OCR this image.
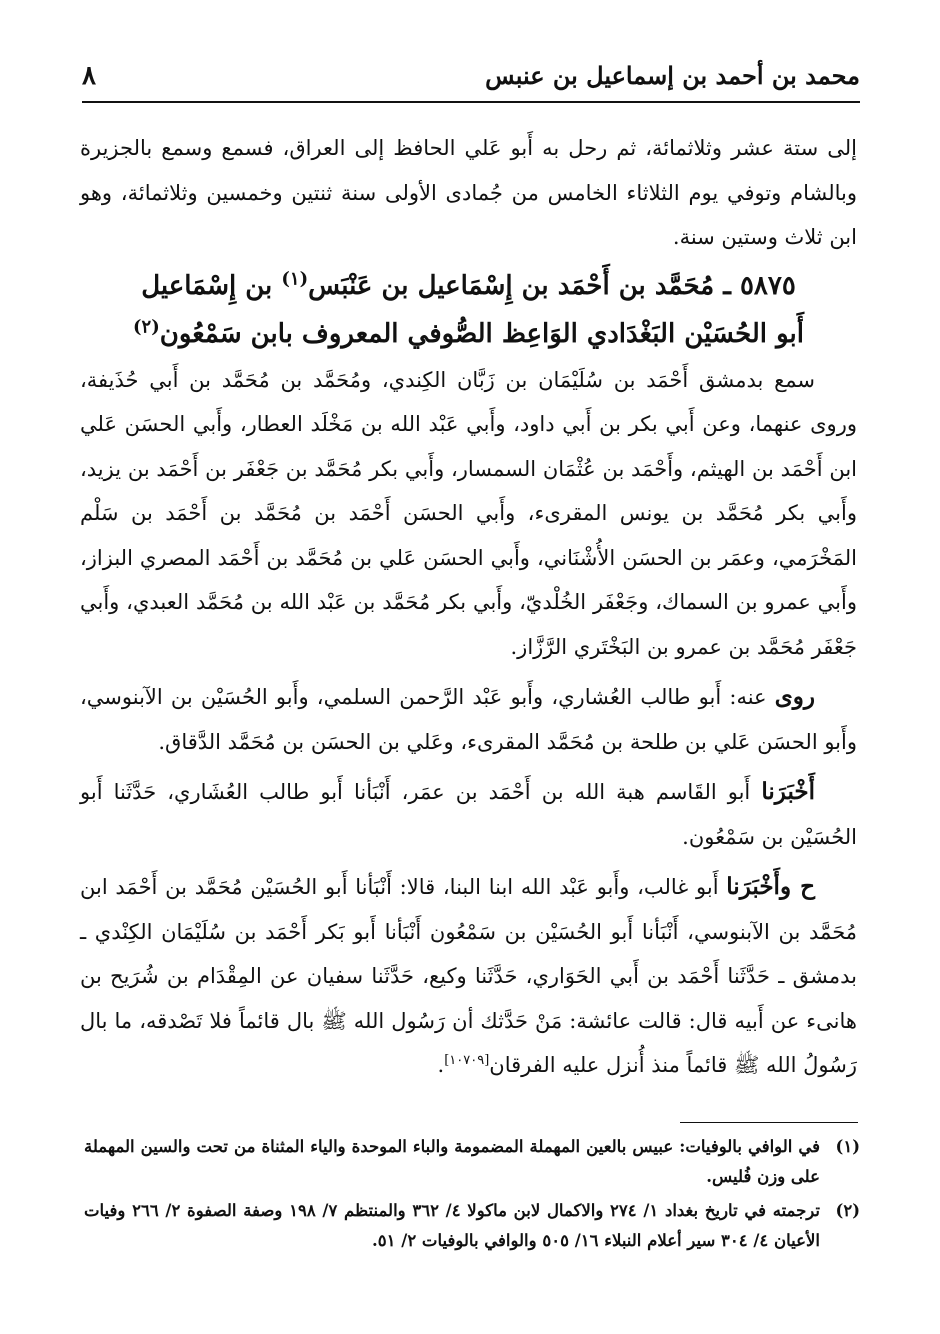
محمد بن أحمد بن إسماعيل بن عنبس
٨

إلى ستة عشر وثلاثمائة، ثم رحل به أَبو عَلي الحافظ إلى العراق، فسمع وسمع بالجزيرة وبالشام وتوفي يوم الثلاثاء الخامس من جُمادى الأولى سنة ثنتين وخمسين وثلاثمائة، وهو ابن ثلاث وستين سنة.

٥٨٧٥ ـ مُحَمَّد بن أَحْمَد بن إِسْمَاعيل بن عَنْبَس$^{(١)}$ بن إِسْمَاعيل
أَبو الحُسَيْن البَغْدَادي الوَاعِظ الصُّوفي المعروف بابن سَمْعُون$^{(٢)}$

سمع بدمشق أَحْمَد بن سُلَيْمَان بن زَبَّان الكِندي، ومُحَمَّد بن مُحَمَّد بن أَبي حُذَيفة، وروى عنهما، وعن أَبي بكر بن أَبي داود، وأَبي عَبْد الله بن مَخْلَد العطار، وأَبي الحسَن عَلي ابن أَحْمَد بن الهيثم، وأَحْمَد بن عُثْمَان السمسار، وأَبي بكر مُحَمَّد بن جَعْفَر بن أَحْمَد بن يزيد، وأَبي بكر مُحَمَّد بن يونس المقرىء، وأَبي الحسَن أَحْمَد بن مُحَمَّد بن أَحْمَد بن سَلْم المَخْرَمي، وعمَر بن الحسَن الأُشْنَاني، وأَبي الحسَن عَلي بن مُحَمَّد بن أَحْمَد المصري البزاز، وأَبي عمرو بن السماك، وجَعْفَر الخُلْديّ، وأَبي بكر مُحَمَّد بن عَبْد الله بن مُحَمَّد العبدي، وأَبي جَعْفَر مُحَمَّد بن عمرو بن البَخْتَري الرَّزَّاز.

روى عنه: أَبو طالب العُشاري، وأَبو عَبْد الرَّحمن السلمي، وأَبو الحُسَيْن بن الآبنوسي، وأَبو الحسَن عَلي بن طلحة بن مُحَمَّد المقرىء، وعَلي بن الحسَن بن مُحَمَّد الدَّقاق.

أَخْبَرَنا أَبو القَاسم هبة الله بن أَحْمَد بن عمَر، أَنْبَأنا أَبو طالب العُشَاري، حَدَّثَنا أَبو الحُسَيْن بن سَمْعُون.

ح وأَخْبَرَنا أَبو غالب، وأَبو عَبْد الله ابنا البنا، قالا: أَنْبَأنا أَبو الحُسَيْن مُحَمَّد بن أَحْمَد ابن مُحَمَّد بن الآبنوسي، أَنْبَأنا أَبو الحُسَيْن بن سَمْعُون أَنْبَأنا أَبو بَكر أَحْمَد بن سُلَيْمَان الكِنْدي ـ بدمشق ـ حَدَّثَنا أَحْمَد بن أَبي الحَوَاري، حَدَّثَنا وكيع، حَدَّثَنا سفيان عن المِقْدَام بن شُرَيح بن هانىء عن أَبيه قال: قالت عائشة: مَنْ حَدَّثك أن رَسُول الله ﷺ بال قائماً فلا تَصْدقه، ما بال رَسُولُ الله ﷺ قائماً منذ أُنزل عليه الفرقان[١٠٧٠٩].

(١)
في الوافي بالوفيات: عبيس بالعين المهملة المضمومة والباء الموحدة والياء المثناة من تحت والسين المهملة على وزن فُليس.
(٢)
ترجمته في تاريخ بغداد ١/ ٢٧٤ والاكمال لابن ماكولا ٤/ ٣٦٢ والمنتظم ٧/ ١٩٨ وصفة الصفوة ٢/ ٢٦٦ وفيات الأعيان ٤/ ٣٠٤ سير أعلام النبلاء ١٦/ ٥٠٥ والوافي بالوفيات ٢/ ٥١.
